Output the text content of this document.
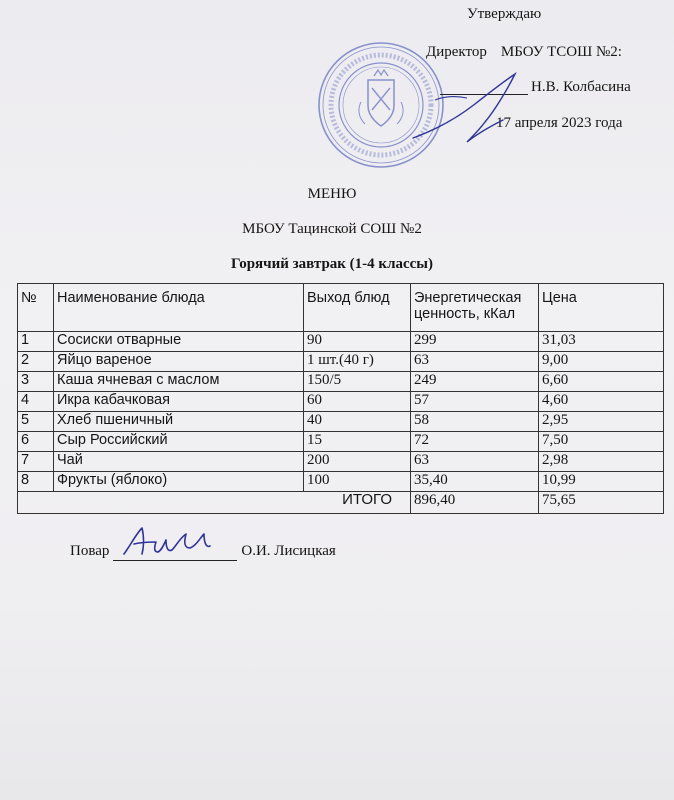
Утверждаю
Директор МБОУ ТСОШ №2:
Н.В. Колбасина
17 апреля 2023 года
МЕНЮ
МБОУ Тацинской СОШ №2
Горячий завтрак (1-4 классы)
№	Наименование блюда	Выход блюд	Энергетическая ценность, кКал	Цена
1	Сосиски отварные	90	299	31,03
2	Яйцо вареное	1 шт.(40 г)	63	9,00
3	Каша ячневая с маслом	150/5	249	6,60
4	Икра кабачковая	60	57	4,60
5	Хлеб пшеничный	40	58	2,95
6	Сыр Российский	15	72	7,50
7	Чай	200	63	2,98
8	Фрукты (яблоко)	100	35,40	10,99
ИТОГО			896,40	75,65
Повар	О.И. Лисицкая
